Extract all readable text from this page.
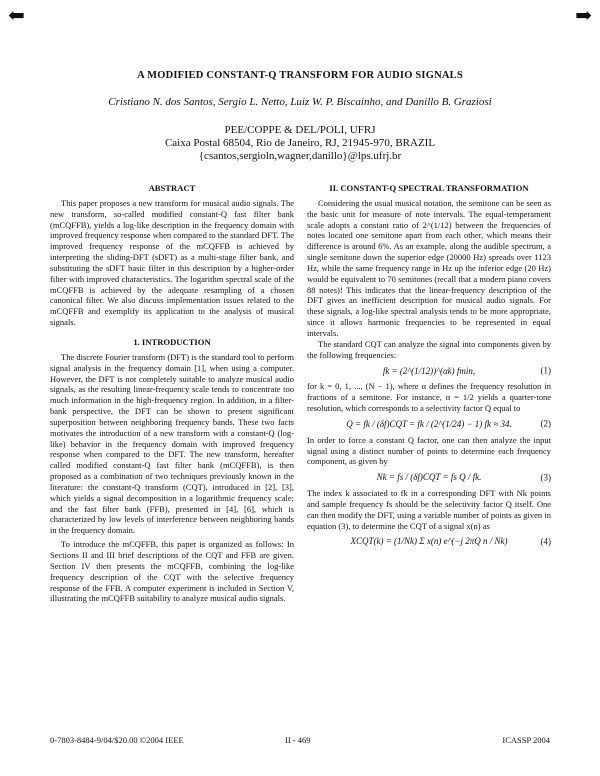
⬅	➡
A MODIFIED CONSTANT-Q TRANSFORM FOR AUDIO SIGNALS
Cristiano N. dos Santos, Sergio L. Netto, Luiz W. P. Biscainho, and Danillo B. Graziosi
PEE/COPPE & DEL/POLI, UFRJ
Caixa Postal 68504, Rio de Janeiro, RJ, 21945-970, BRAZIL
{csantos,sergioln,wagner,danillo}@lps.ufrj.br
ABSTRACT

This paper proposes a new transform for musical audio signals. The new transform, so-called modified constant-Q fast filter bank (mCQFFB), yields a log-like description in the frequency domain with improved frequency response when compared to the standard DFT. The improved frequency response of the mCQFFB is achieved by interpreting the sliding-DFT (sDFT) as a multi-stage filter bank, and substituting the sDFT basic filter in this description by a higher-order filter with improved characteristics. The logarithm spectral scale of the mCQFFB is achieved by the adequate resampling of a chosen canonical filter. We also discuss implementation issues related to the mCQFFB and exemplify its application to the analysis of musical signals.

1. INTRODUCTION

The discrete Fourier transform (DFT) is the standard tool to perform signal analysis in the frequency domain [1], when using a computer. However, the DFT is not completely suitable to analyze musical audio signals, as the resulting linear-frequency scale tends to concentrate too much information in the high-frequency region. In addition, in a filter-bank perspective, the DFT can be shown to present significant superposition between neighboring frequency bands. These two facts motivates the introduction of a new transform with a constant-Q (log-like) behavior in the frequency domain with improved frequency response when compared to the DFT. The new transform, hereafter called modified constant-Q fast filter bank (mCQFFB), is then proposed as a combination of two techniques previously known in the literature: the constant-Q transform (CQT), introduced in [2], [3], which yields a signal decomposition in a logarithmic frequency scale; and the fast filter bank (FFB), presented in [4], [6], which is characterized by low levels of interference between neighboring bands in the frequency domain.

To introduce the mCQFFB, this paper is organized as follows: In Sections II and III brief descriptions of the CQT and FFB are given. Section IV then presents the mCQFFB, combining the log-like frequency description of the CQT with the selective frequency response of the FFB. A computer experiment is included in Section V, illustrating the mCQFFB suitability to analyze musical audio signals.

II. CONSTANT-Q SPECTRAL TRANSFORMATION

Considering the usual musical notation, the semitone can be seen as the basic unit for measure of note intervals. The equal-temperament scale adopts a constant ratio of 2^(1/12) between the frequencies of notes located one semitone apart from each other, which means their difference is around 6%. As an example, along the audible spectrum, a single semitone down the superior edge (20000 Hz) spreads over 1123 Hz, while the same frequency range in Hz up the inferior edge (20 Hz) would be equivalent to 70 semitones (recall that a modern piano covers 88 notes)! This indicates that the linear-frequency description of the DFT gives an inefficient description for musical audio signals. For these signals, a log-like spectral analysis tends to be more appropriate, since it allows harmonic frequencies to be represented in equal intervals.

The standard CQT can analyze the signal into components given by the following frequencies:

fk = (2^(1/12))^(αk) fmin,	(1)

for k = 0, 1, ..., (N − 1), where α defines the frequency resolution in fractions of a semitone. For instance, α = 1/2 yields a quarter-tone resolution, which corresponds to a selectivity factor Q equal to

Q = fk / (δf)CQT = fk / (2^(1/24) − 1) fk ≈ 34.	(2)

In order to force a constant Q factor, one can then analyze the input signal using a distinct number of points to determine each frequency component, as given by

Nk = fs / (δf)CQT = fs Q / fk.	(3)

The index k associated to fk in a corresponding DFT with Nk points and sample frequency fs should be the selectivity factor Q itself. One can then modify the DFT, using a variable number of points as given in equation (3), to determine the CQT of a signal x(n) as

XCQT(k) = (1/Nk) Σ x(n) e^(−j 2πQ n / Nk)	(4)
0-7803-8484-9/04/$20.00 ©2004 IEEE	II - 469	ICASSP 2004
